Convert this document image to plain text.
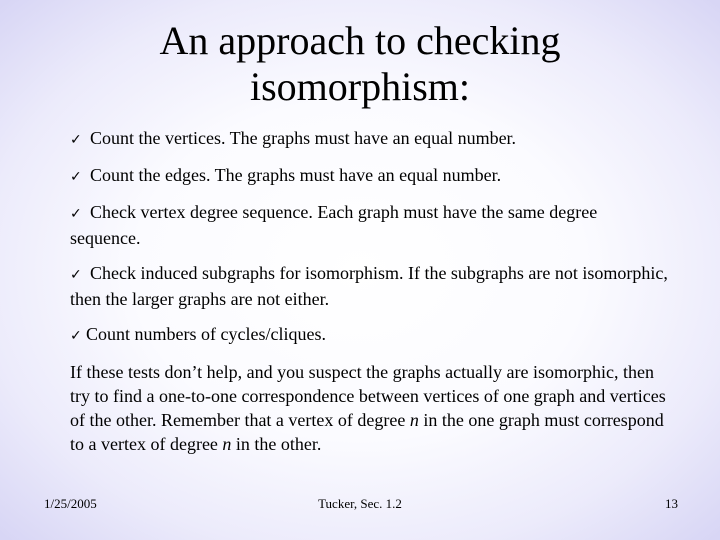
An approach to checking
isomorphism:
✓ Count the vertices. The graphs must have an equal number.
✓ Count the edges. The graphs must have an equal number.
✓ Check vertex degree sequence. Each graph must have the same degree sequence.
✓ Check induced subgraphs for isomorphism. If the subgraphs are not isomorphic, then the larger graphs are not either.
✓ Count numbers of cycles/cliques.
If these tests don’t help, and you suspect the graphs actually are isomorphic, then try to find a one-to-one correspondence between vertices of one graph and vertices of the other. Remember that a vertex of degree n in the one graph must correspond to a vertex of degree n in the other.
1/25/2005	Tucker, Sec. 1.2	13
